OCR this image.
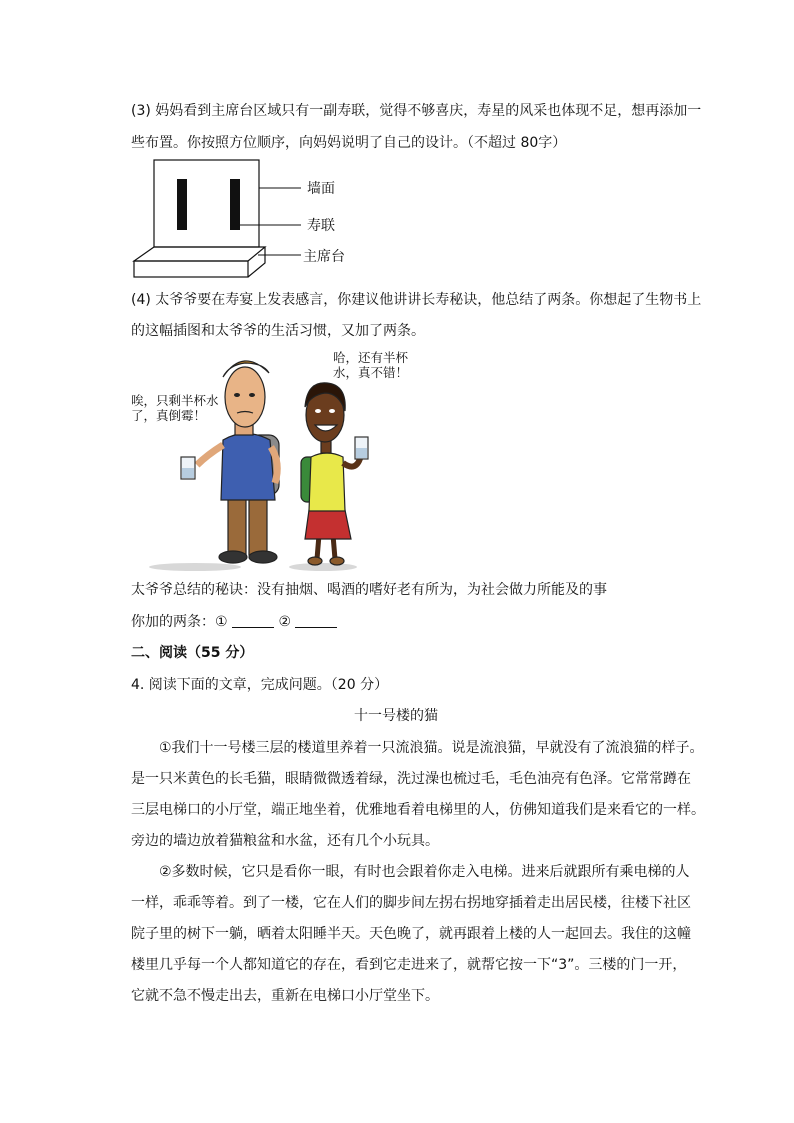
(3) 妈妈看到主席台区域只有一副寿联，觉得不够喜庆，寿星的风采也体现不足，想再添加一
些布置。你按照方位顺序，向妈妈说明了自己的设计。（不超过 80字）
墙面
寿联
主席台
(4) 太爷爷要在寿宴上发表感言，你建议他讲讲长寿秘诀，他总结了两条。你想起了生物书上
的这幅插图和太爷爷的生活习惯，又加了两条。
唉，只剩半杯水
了，真倒霉！
哈，还有半杯
水，真不错！
太爷爷总结的秘诀：没有抽烟、喝酒的嗜好老有所为，为社会做力所能及的事
你加的两条：①	②
二、阅读（55 分）
4. 阅读下面的文章，完成问题。（20 分）
十一号楼的猫
①我们十一号楼三层的楼道里养着一只流浪猫。说是流浪猫，早就没有了流浪猫的样子。
是一只米黄色的长毛猫，眼睛微微透着绿，洗过澡也梳过毛，毛色油亮有色泽。它常常蹲在
三层电梯口的小厅堂，端正地坐着，优雅地看着电梯里的人，仿佛知道我们是来看它的一样。
旁边的墙边放着猫粮盆和水盆，还有几个小玩具。
②多数时候，它只是看你一眼，有时也会跟着你走入电梯。进来后就跟所有乘电梯的人
一样，乖乖等着。到了一楼，它在人们的脚步间左拐右拐地穿插着走出居民楼，往楼下社区
院子里的树下一躺，晒着太阳睡半天。天色晚了，就再跟着上楼的人一起回去。我住的这幢
楼里几乎每一个人都知道它的存在，看到它走进来了，就帮它按一下“3”。三楼的门一开，
它就不急不慢走出去，重新在电梯口小厅堂坐下。
